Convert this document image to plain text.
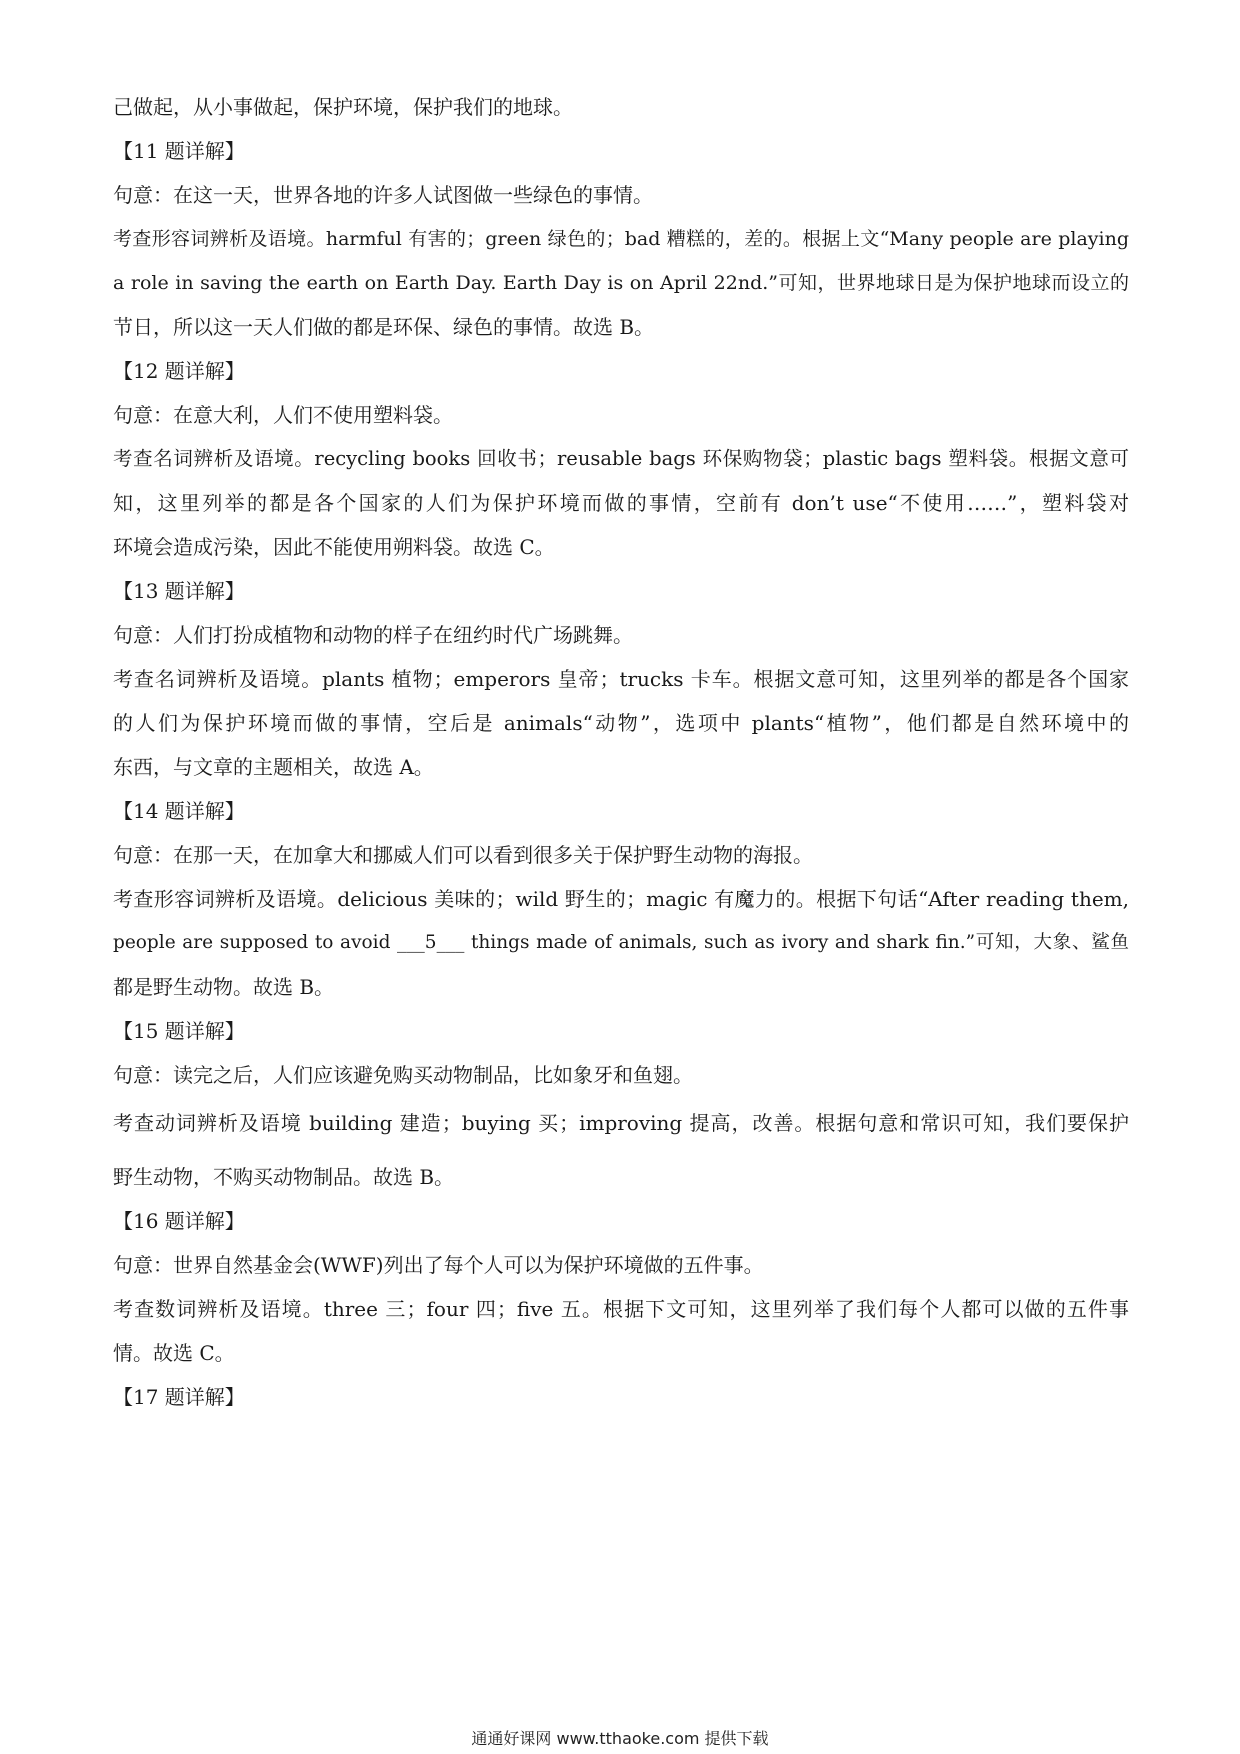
己做起，从小事做起，保护环境，保护我们的地球。
【11 题详解】
句意：在这一天，世界各地的许多人试图做一些绿色的事情。
考查形容词辨析及语境。harmful 有害的；green 绿色的；bad 糟糕的，差的。根据上文“Many people are playing
a role in saving the earth on Earth Day. Earth Day is on April 22nd.”可知，世界地球日是为保护地球而设立的
节日，所以这一天人们做的都是环保、绿色的事情。故选 B。
【12 题详解】
句意：在意大利，人们不使用塑料袋。
考查名词辨析及语境。recycling books 回收书；reusable bags 环保购物袋；plastic bags 塑料袋。根据文意可
知，这里列举的都是各个国家的人们为保护环境而做的事情，空前有 don’t use“不使用……”，塑料袋对
环境会造成污染，因此不能使用朔料袋。故选 C。
【13 题详解】
句意：人们打扮成植物和动物的样子在纽约时代广场跳舞。
考查名词辨析及语境。plants 植物；emperors 皇帝；trucks 卡车。根据文意可知，这里列举的都是各个国家
的人们为保护环境而做的事情，空后是 animals“动物”，选项中 plants“植物”，他们都是自然环境中的
东西，与文章的主题相关，故选 A。
【14 题详解】
句意：在那一天，在加拿大和挪威人们可以看到很多关于保护野生动物的海报。
考查形容词辨析及语境。delicious 美味的；wild 野生的；magic 有魔力的。根据下句话“After reading them,
people are supposed to avoid ___5___ things made of animals, such as ivory and shark fin.”可知，大象、鲨鱼
都是野生动物。故选 B。
【15 题详解】
句意：读完之后，人们应该避免购买动物制品，比如象牙和鱼翅。
考查动词辨析及语境 building 建造；buying 买；improving 提高，改善。根据句意和常识可知，我们要保护
野生动物，不购买动物制品。故选 B。
【16 题详解】
句意：世界自然基金会(WWF)列出了每个人可以为保护环境做的五件事。
考查数词辨析及语境。three 三；four 四；five 五。根据下文可知，这里列举了我们每个人都可以做的五件事
情。故选 C。
【17 题详解】
通通好课网 www.tthaoke.com 提供下载
